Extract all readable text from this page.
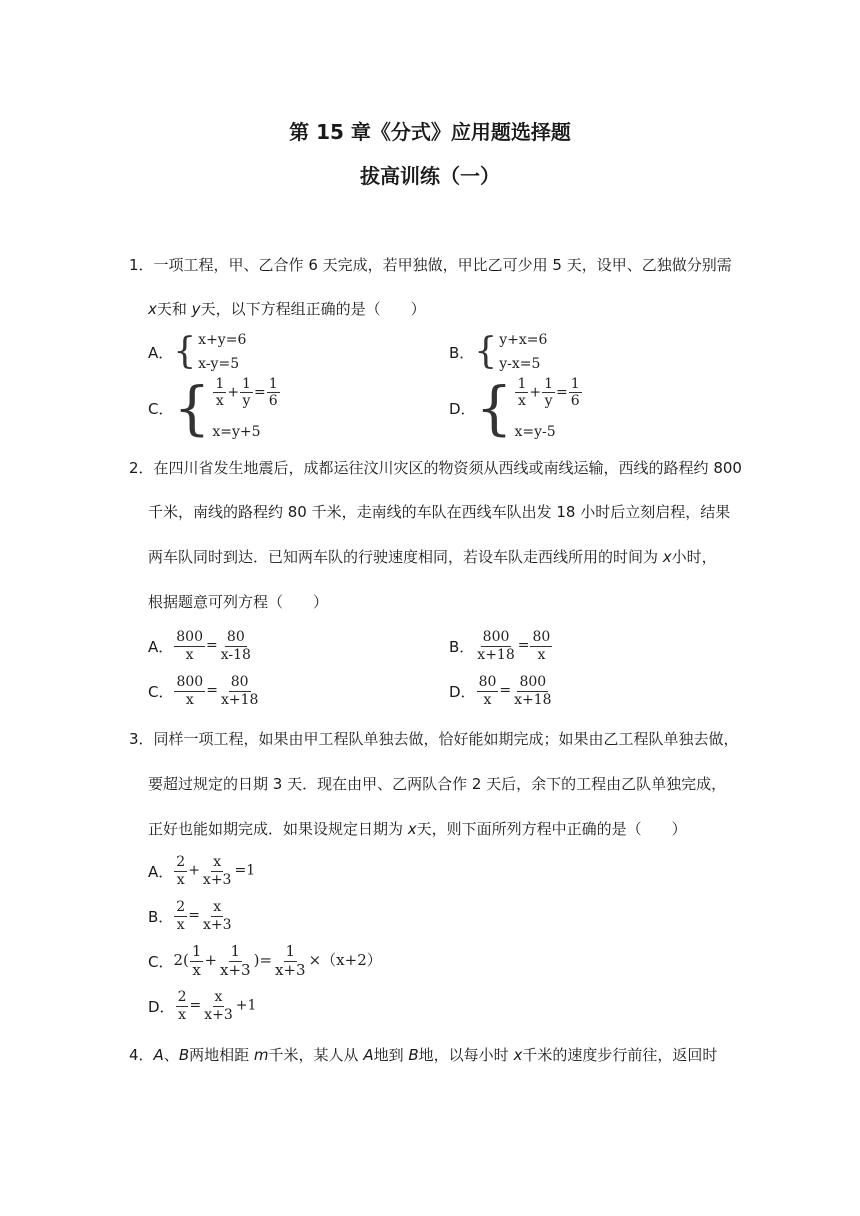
第 15 章《分式》应用题选择题
拔高训练（一）
1．一项工程，甲、乙合作 6 天完成，若甲独做，甲比乙可少用 5 天，设甲、乙独做分别需
x天和 y天，以下方程组正确的是（　　）
A． { x+y=6
x-y=5
B． { y+x=6
y-x=5
C． { $\frac{1}{x} + \frac{1}{y} = \frac{1}{6}$
x=y+5
D． { $\frac{1}{x} + \frac{1}{y} = \frac{1}{6}$
x=y-5
2．在四川省发生地震后，成都运往汶川灾区的物资须从西线或南线运输，西线的路程约 800
千米，南线的路程约 80 千米，走南线的车队在西线车队出发 18 小时后立刻启程，结果
两车队同时到达．已知两车队的行驶速度相同，若设车队走西线所用的时间为 x小时，
根据题意可列方程（　　）
A． $\frac{800}{x} = \frac{80}{x-18}$	B． $\frac{800}{x+18} = \frac{80}{x}$
C． $\frac{800}{x} = \frac{80}{x+18}$	D． $\frac{80}{x} = \frac{800}{x+18}$
3．同样一项工程，如果由甲工程队单独去做，恰好能如期完成；如果由乙工程队单独去做，
要超过规定的日期 3 天．现在由甲、乙两队合作 2 天后，余下的工程由乙队单独完成，
正好也能如期完成．如果设规定日期为 x天，则下面所列方程中正确的是（　　）
A． $\frac{2}{x} + \frac{x}{x+3} =1$
B． $\frac{2}{x} = \frac{x}{x+3}$
C． $2( \frac{1}{x} + \frac{1}{x+3}$ )= $\frac{1}{x+3} \times(x+2)$
D． $\frac{2}{x} = \frac{x}{x+3} +1$
4．A、B两地相距 m千米，某人从 A地到 B地，以每小时 x千米的速度步行前往，返回时
